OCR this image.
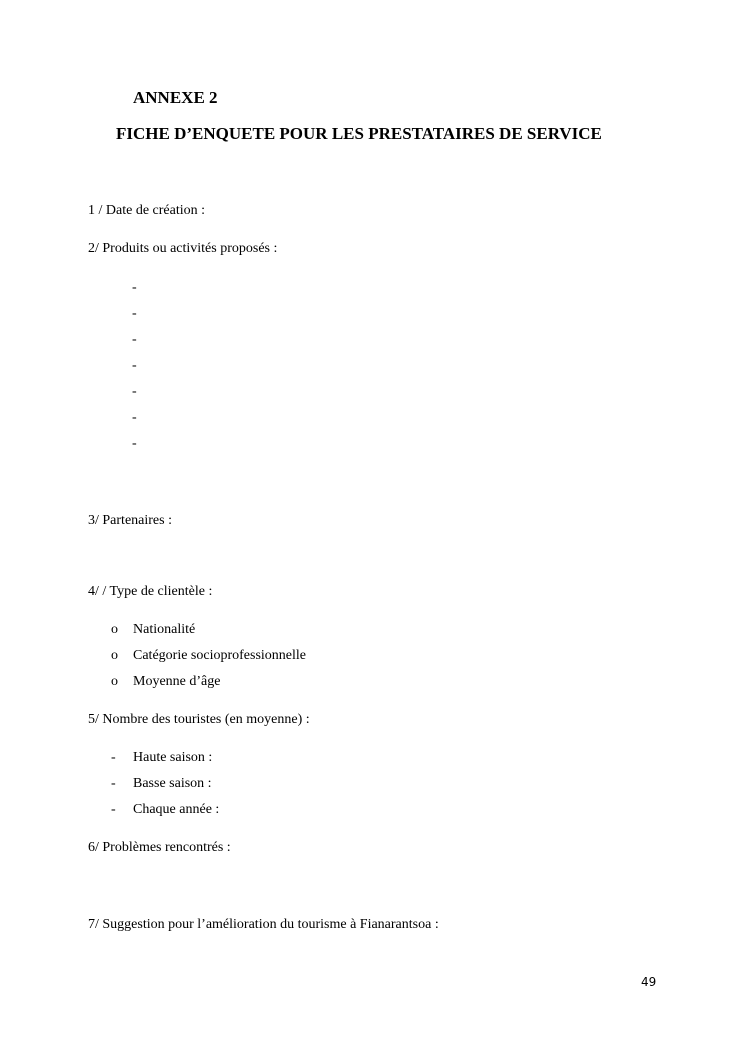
ANNEXE 2
FICHE D’ENQUETE POUR LES PRESTATAIRES DE SERVICE
1 / Date de création :
2/ Produits ou activités proposés :
-
-
-
-
-
-
-
3/ Partenaires :
4/ / Type de clientèle :
o Nationalité
o Catégorie socioprofessionnelle
o Moyenne d’âge
5/ Nombre des touristes (en moyenne) :
- Haute saison :
- Basse saison :
- Chaque année :
6/ Problèmes rencontrés :
7/ Suggestion pour l’amélioration du tourisme à Fianarantsoa :
49
